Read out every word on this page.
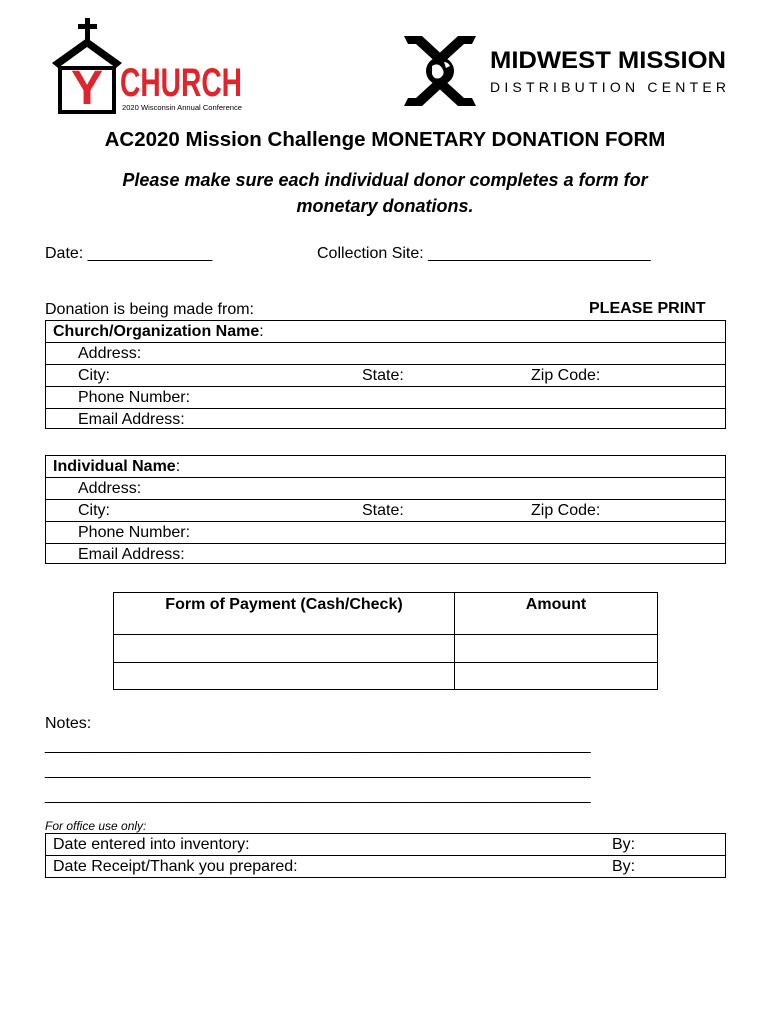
Y CHURCH
2020 Wisconsin Annual Conference
MIDWEST MISSION
DISTRIBUTION CENTER
AC2020 Mission Challenge MONETARY DONATION FORM
Please make sure each individual donor completes a form for
monetary donations.
Date: ______________	Collection Site: _________________________
Donation is being made from:	PLEASE PRINT
Church/Organization Name:
Address:
City:	State:	Zip Code:
Phone Number:
Email Address:
Individual Name:
Address:
City:	State:	Zip Code:
Phone Number:
Email Address:
Form of Payment (Cash/Check)	Amount

Notes:
____________________________________________________________
____________________________________________________________
____________________________________________________________
For office use only:
Date entered into inventory:	By:
Date Receipt/Thank you prepared:	By:
